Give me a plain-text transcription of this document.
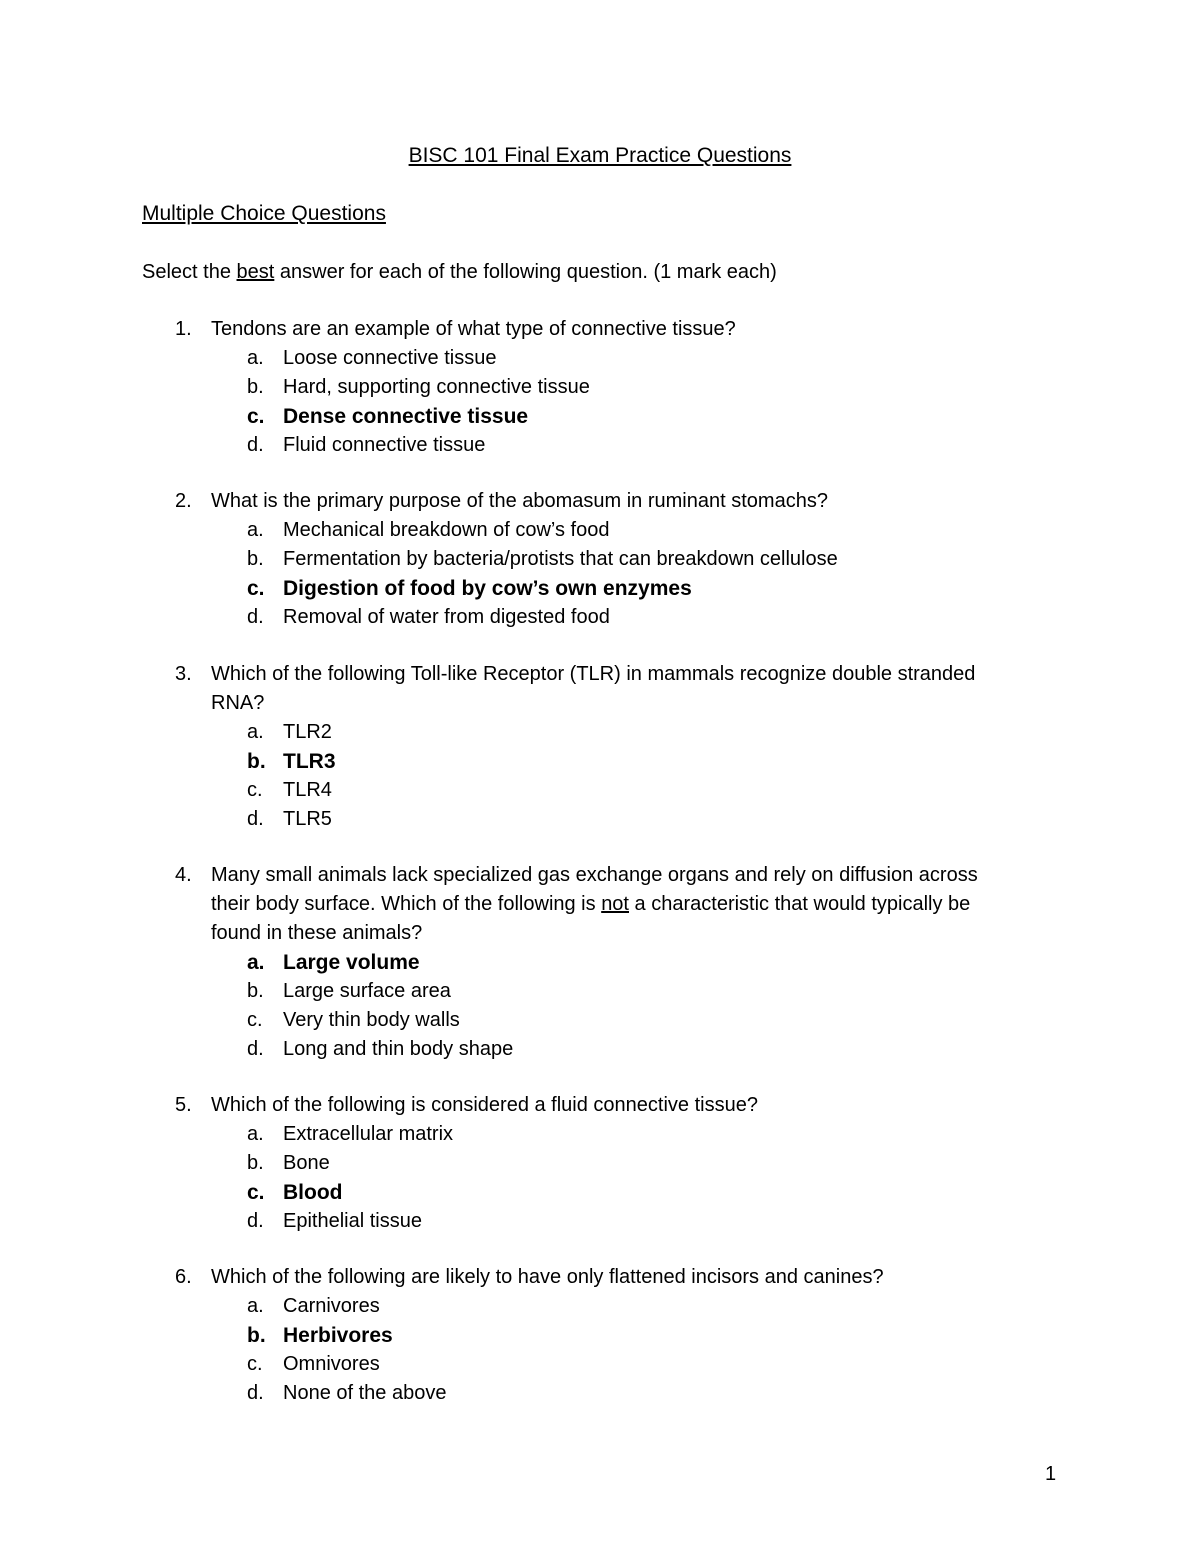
BISC 101 Final Exam Practice Questions
Multiple Choice Questions
Select the best answer for each of the following question. (1 mark each)
1. Tendons are an example of what type of connective tissue?
a. Loose connective tissue
b. Hard, supporting connective tissue
c. Dense connective tissue
d. Fluid connective tissue
2. What is the primary purpose of the abomasum in ruminant stomachs?
a. Mechanical breakdown of cow’s food
b. Fermentation by bacteria/protists that can breakdown cellulose
c. Digestion of food by cow’s own enzymes
d. Removal of water from digested food
3. Which of the following Toll-like Receptor (TLR) in mammals recognize double stranded
RNA?
a. TLR2
b. TLR3
c.	TLR4
d. TLR5
4. Many small animals lack specialized gas exchange organs and rely on diffusion across
their body surface. Which of the following is not a characteristic that would typically be
found in these animals?
a. Large volume
b. Large surface area
c.	Very thin body walls
d. Long and thin body shape
5. Which of the following is considered a fluid connective tissue?
a. Extracellular matrix
b. Bone
c. Blood
d. Epithelial tissue
6. Which of the following are likely to have only flattened incisors and canines?
a. Carnivores
b. Herbivores
c.	Omnivores
d. None of the above
1
